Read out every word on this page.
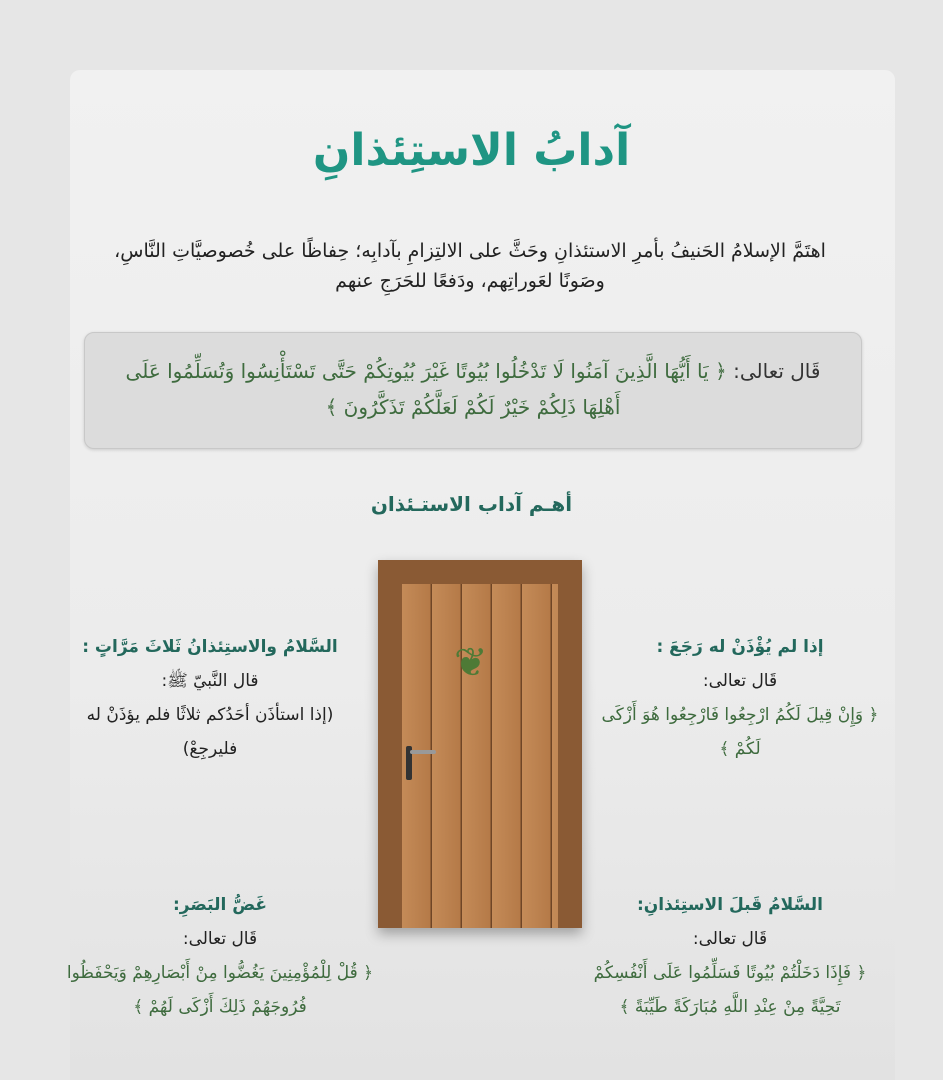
آدابُ الاستِئذانِ
اهتَمَّ الإسلامُ الحَنيفُ بأمرِ الاستئذانِ وحَثَّ على الالتِزامِ بآدابِه؛ حِفاظًا على خُصوصيَّاتِ النَّاسِ، وصَونًا لعَوراتِهم، ودَفعًا للحَرَجِ عنهم

قَال تعالى: ﴿ يَا أَيُّهَا الَّذِينَ آمَنُوا لَا تَدْخُلُوا بُيُوتًا غَيْرَ بُيُوتِكُمْ حَتَّى تَسْتَأْنِسُوا وَتُسَلِّمُوا عَلَى أَهْلِهَا ذَلِكُمْ خَيْرٌ لَكُمْ لَعَلَّكُمْ تَذَكَّرُونَ ﴾

أهـم آداب الاستـئذان
❦	إذا لم يُؤْذَنْ له رَجَعَ :
قَال تعالى:
﴿ وَإِنْ قِيلَ لَكُمُ ارْجِعُوا فَارْجِعُوا هُوَ أَزْكَى لَكُمْ ﴾
السَّلامُ والاستِئذانُ ثَلاثَ مَرَّاتٍ :
قال النَّبيّ ﷺ:
(إذا استأذَن أحَدُكم ثلاثًا فلم يؤذَنْ له فليرجِعْ)
السَّلامُ قَبلَ الاستِئذانِ:
قَال تعالى:
﴿ فَإِذَا دَخَلْتُمْ بُيُوتًا فَسَلِّمُوا عَلَى أَنْفُسِكُمْ تَحِيَّةً مِنْ عِنْدِ اللَّهِ مُبَارَكَةً طَيِّبَةً ﴾
غَضُّ البَصَرِ:
قَال تعالى:
﴿ قُلْ لِلْمُؤْمِنِينَ يَغُضُّوا مِنْ أَبْصَارِهِمْ وَيَحْفَظُوا فُرُوجَهُمْ ذَلِكَ أَزْكَى لَهُمْ ﴾
